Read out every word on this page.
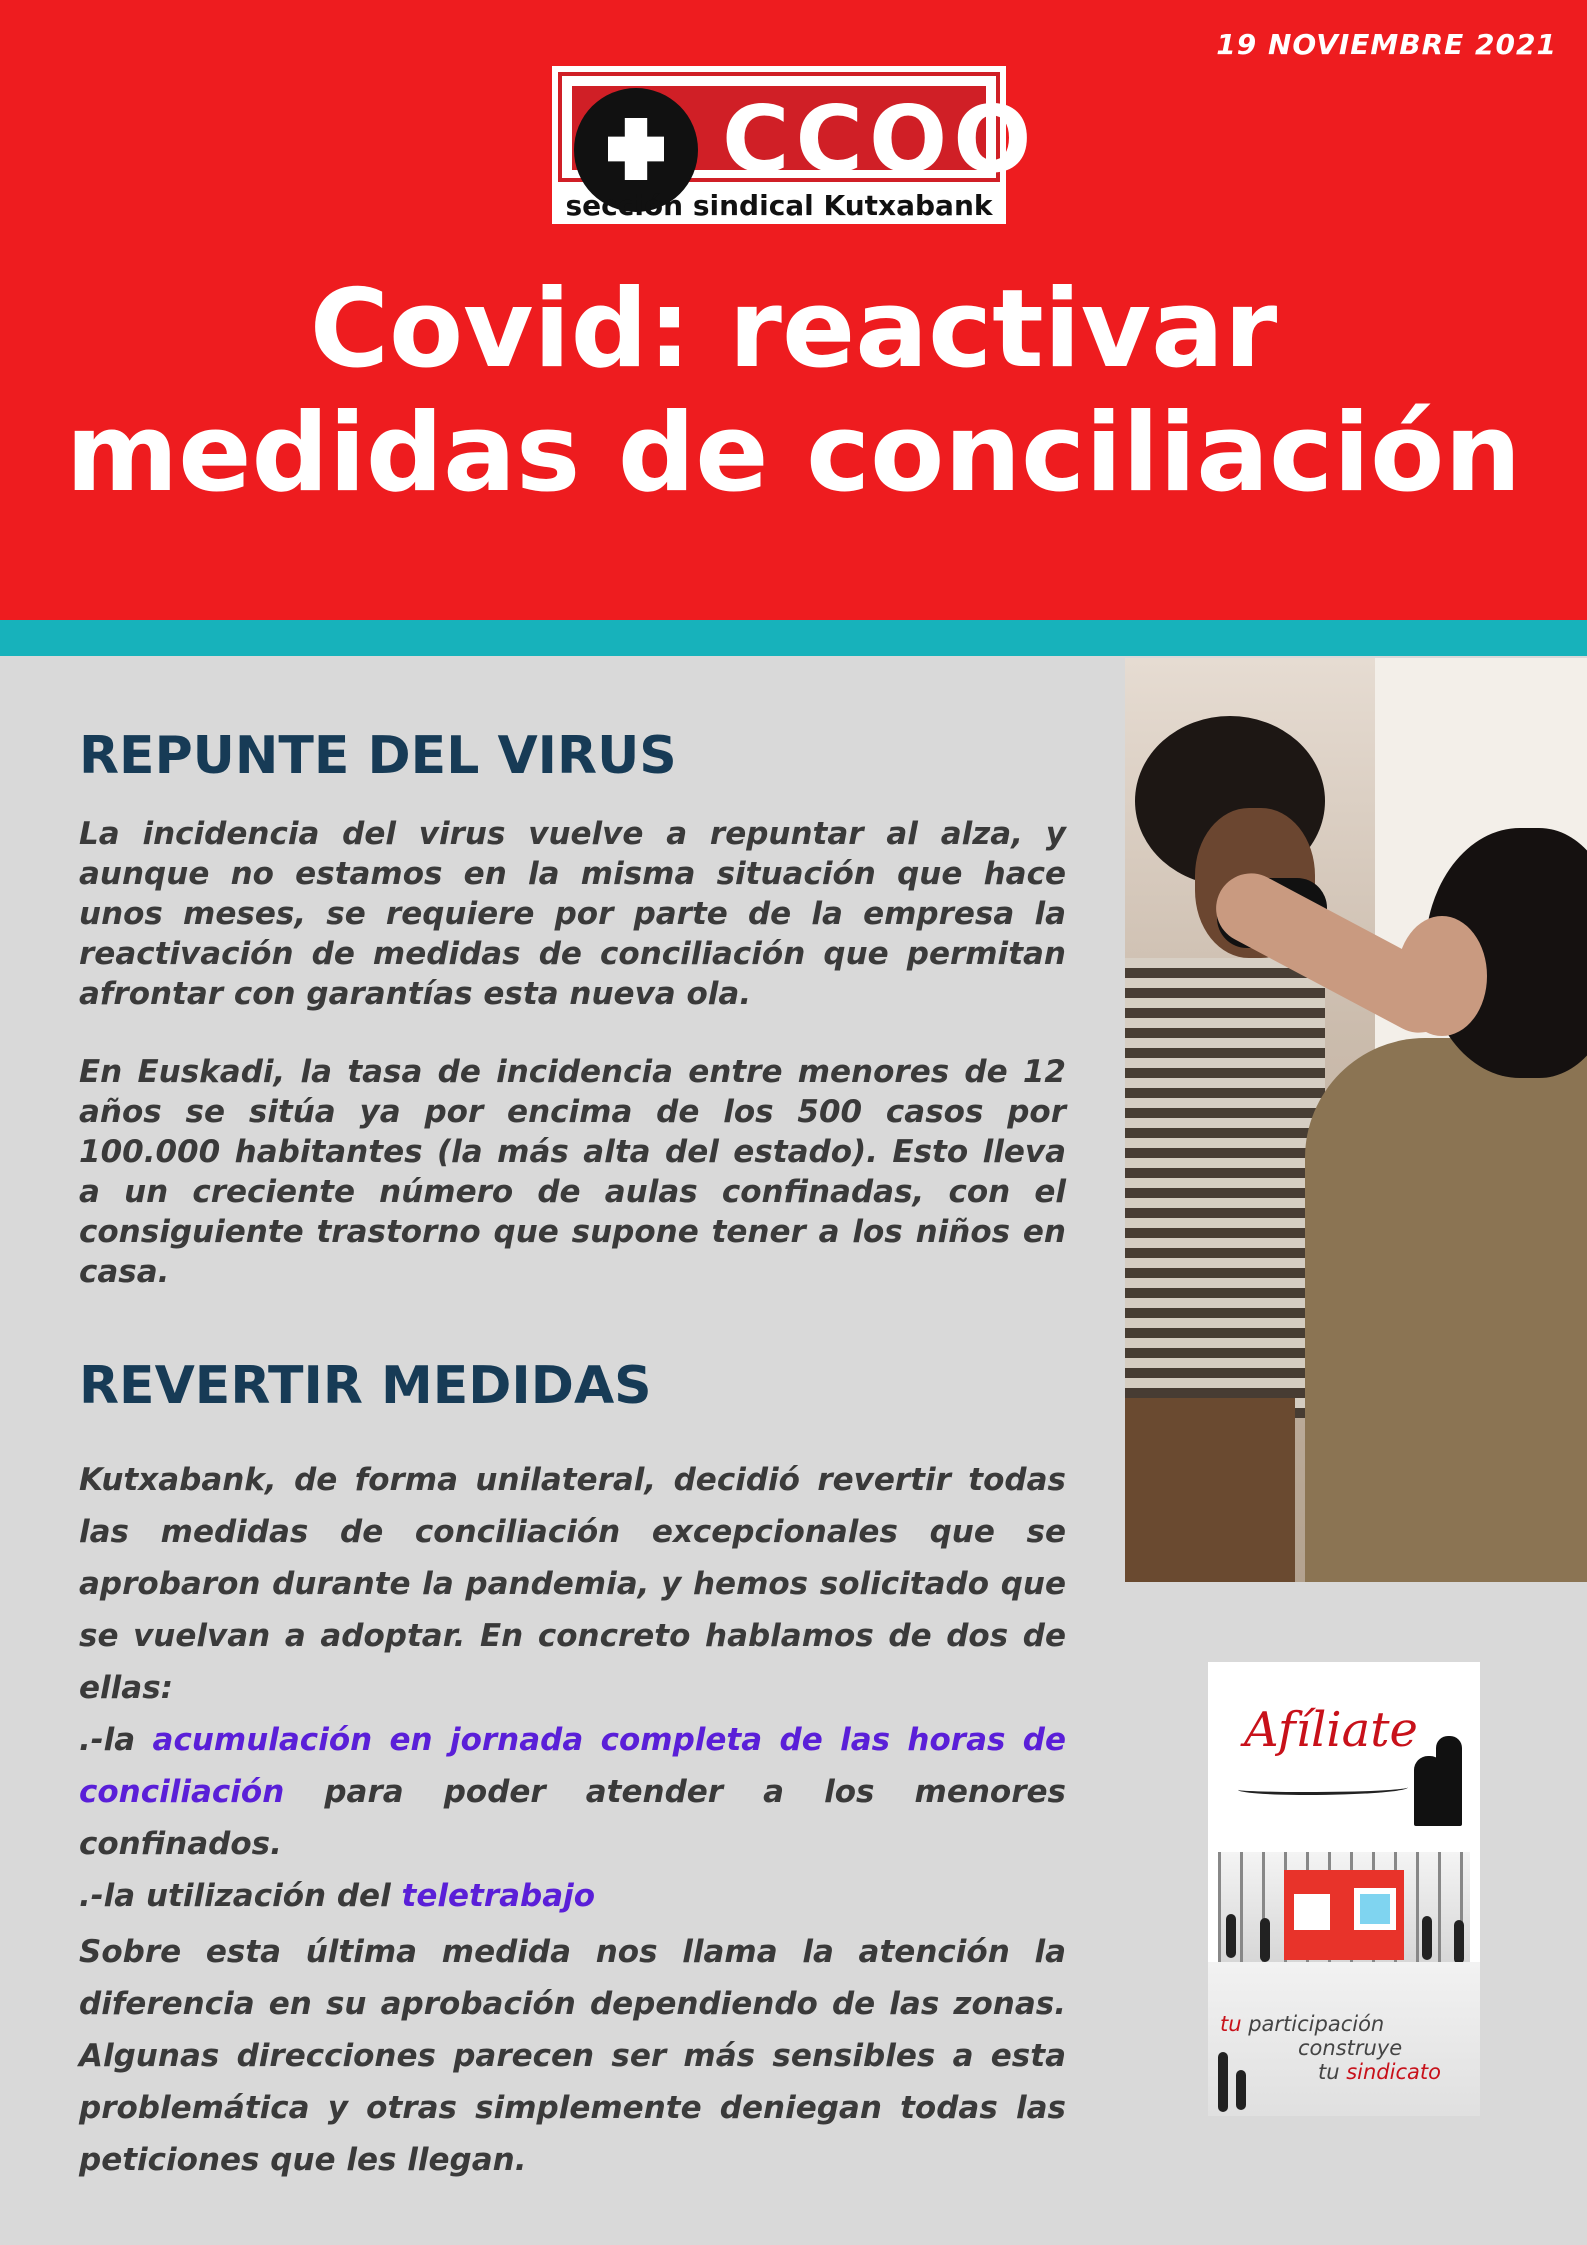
19 NOVIEMBRE 2021
CCOO
sección sindical Kutxabank
Covid: reactivar
medidas de conciliación
REPUNTE DEL VIRUS

La incidencia del virus vuelve a repuntar al alza, y aunque no estamos en la misma situación que hace unos meses, se requiere por parte de la empresa la reactivación de medidas de conciliación que permitan afrontar con garantías esta nueva ola.

En Euskadi, la tasa de incidencia entre menores de 12 años se sitúa ya por encima de los 500 casos por 100.000 habitantes (la más alta del estado). Esto lleva a un creciente número de aulas confinadas, con el consiguiente trastorno que supone tener a los niños en casa.

REVERTIR MEDIDAS
Kutxabank, de forma unilateral, decidió revertir todas las medidas de conciliación excepcionales que se aprobaron durante la pandemia, y hemos solicitado que se vuelvan a adoptar. En concreto hablamos de dos de ellas:
.-la acumulación en jornada completa de las horas de conciliación para poder atender a los menores confinados.
.-la utilización del teletrabajo

Sobre esta última medida nos llama la atención la diferencia en su aprobación dependiendo de las zonas. Algunas direcciones parecen ser más sensibles a esta problemática y otras simplemente deniegan todas las peticiones que les llegan.

Afíliate
tu participación
construye
tu sindicato
